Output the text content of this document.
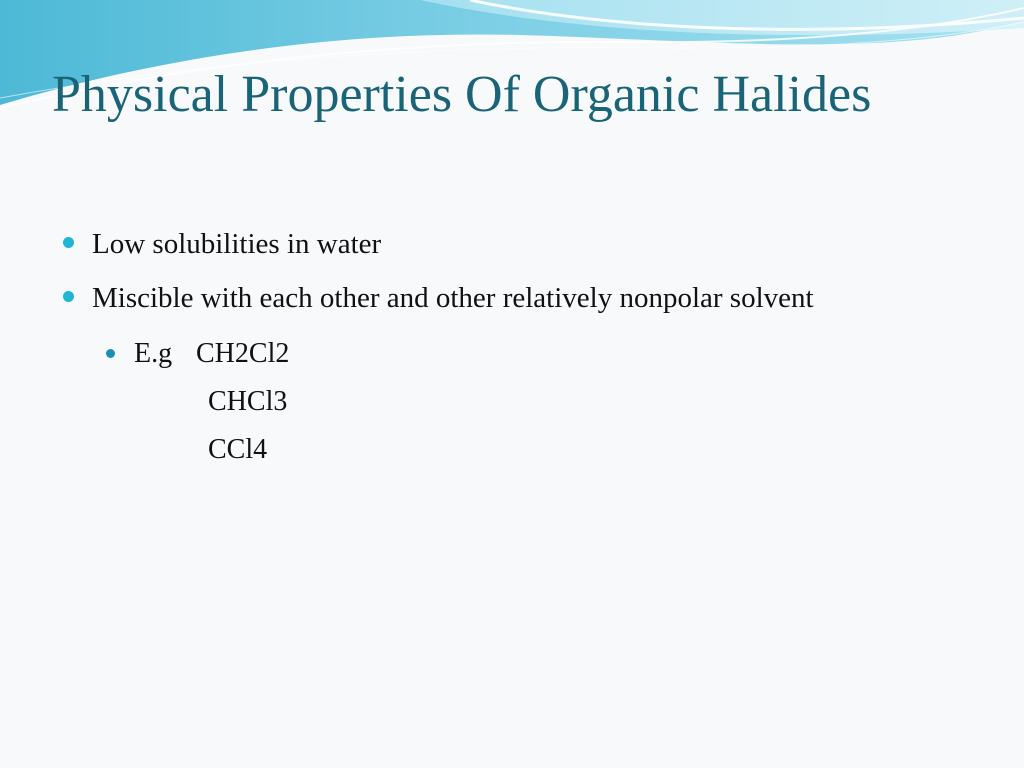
Physical Properties Of Organic Halides
Low solubilities in water
Miscible with each other and other relatively nonpolar solvent
E.g CH2Cl2
CHCl3
CCl4
